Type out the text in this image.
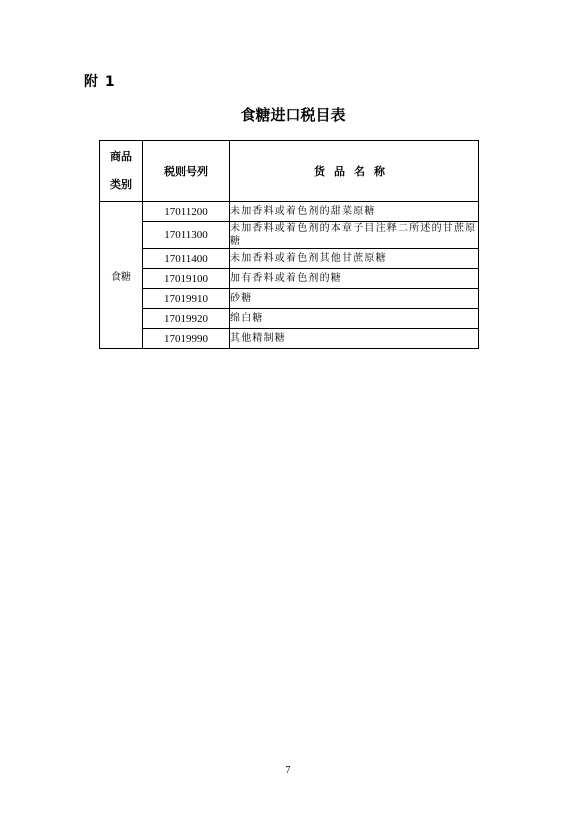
附 1
食糖进口税目表
商品
类别	税则号列	货品名称
食糖	17011200	未加香料或着色剂的甜菜原糖
	17011300	未加香料或着色剂的本章子目注释二所述的甘蔗原糖
	17011400	未加香料或着色剂其他甘蔗原糖
	17019100	加有香料或着色剂的糖
	17019910	砂糖
	17019920	绵白糖
	17019990	其他精制糖
7
